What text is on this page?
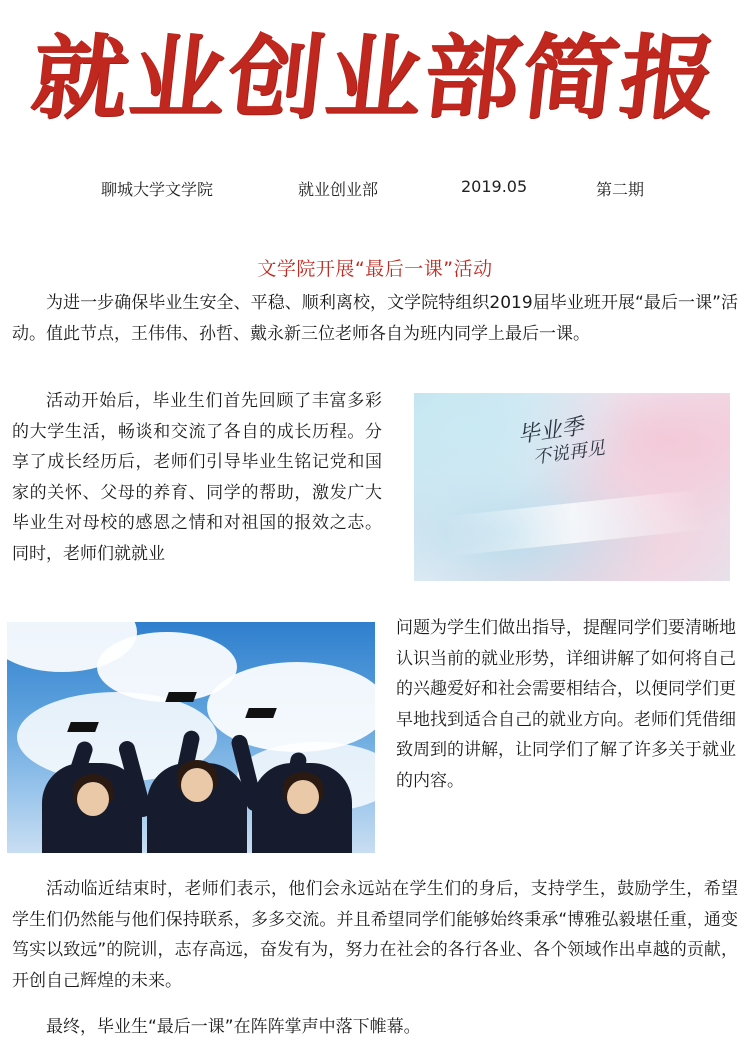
就业创业部简报
聊城大学文学院	就业创业部	2019.05	第二期
文学院开展“最后一课”活动

为进一步确保毕业生安全、平稳、顺利离校，文学院特组织2019届毕业班开展“最后一课”活动。值此节点，王伟伟、孙哲、戴永新三位老师各自为班内同学上最后一课。

活动开始后，毕业生们首先回顾了丰富多彩的大学生活，畅谈和交流了各自的成长历程。分享了成长经历后，老师们引导毕业生铭记党和国家的关怀、父母的养育、同学的帮助，激发广大毕业生对母校的感恩之情和对祖国的报效之志。同时，老师们就就业

毕业季
不说再见

问题为学生们做出指导，提醒同学们要清晰地认识当前的就业形势，详细讲解了如何将自己的兴趣爱好和社会需要相结合，以便同学们更早地找到适合自己的就业方向。老师们凭借细致周到的讲解，让同学们了解了许多关于就业的内容。

活动临近结束时，老师们表示，他们会永远站在学生们的身后，支持学生，鼓励学生，希望学生们仍然能与他们保持联系，多多交流。并且希望同学们能够始终秉承“博雅弘毅堪任重，通变笃实以致远”的院训，志存高远，奋发有为，努力在社会的各行各业、各个领域作出卓越的贡献，开创自己辉煌的未来。

最终，毕业生“最后一课”在阵阵掌声中落下帷幕。
